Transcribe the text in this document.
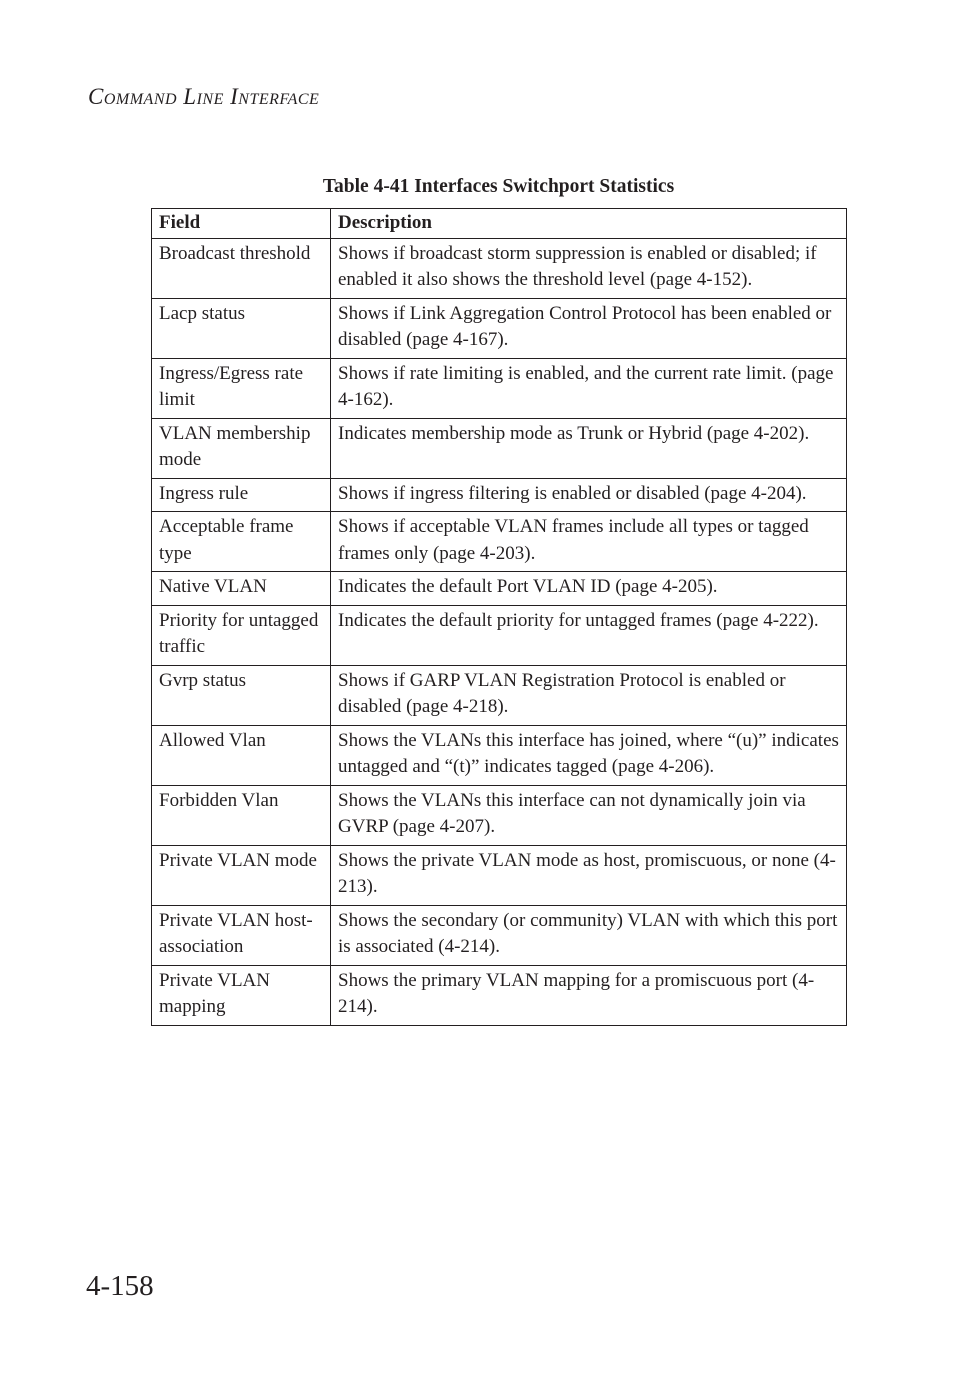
Command Line Interface
Table 4-41 Interfaces Switchport Statistics
Field	Description
Broadcast threshold	Shows if broadcast storm suppression is enabled or disabled; if enabled it also shows the threshold level (page 4-152).
Lacp status	Shows if Link Aggregation Control Protocol has been enabled or disabled (page 4-167).
Ingress/Egress rate limit	Shows if rate limiting is enabled, and the current rate limit. (page 4-162).
VLAN membership mode	Indicates membership mode as Trunk or Hybrid (page 4-202).
Ingress rule	Shows if ingress filtering is enabled or disabled (page 4-204).
Acceptable frame type	Shows if acceptable VLAN frames include all types or tagged frames only (page 4-203).
Native VLAN	Indicates the default Port VLAN ID (page 4-205).
Priority for untagged traffic	Indicates the default priority for untagged frames (page 4-222).
Gvrp status	Shows if GARP VLAN Registration Protocol is enabled or disabled (page 4-218).
Allowed Vlan	Shows the VLANs this interface has joined, where “(u)” indicates untagged and “(t)” indicates tagged (page 4-206).
Forbidden Vlan	Shows the VLANs this interface can not dynamically join via GVRP (page 4-207).
Private VLAN mode	Shows the private VLAN mode as host, promiscuous, or none (4-213).
Private VLAN host-association	Shows the secondary (or community) VLAN with which this port is associated (4-214).
Private VLAN mapping	Shows the primary VLAN mapping for a promiscuous port (4-214).
4-158
